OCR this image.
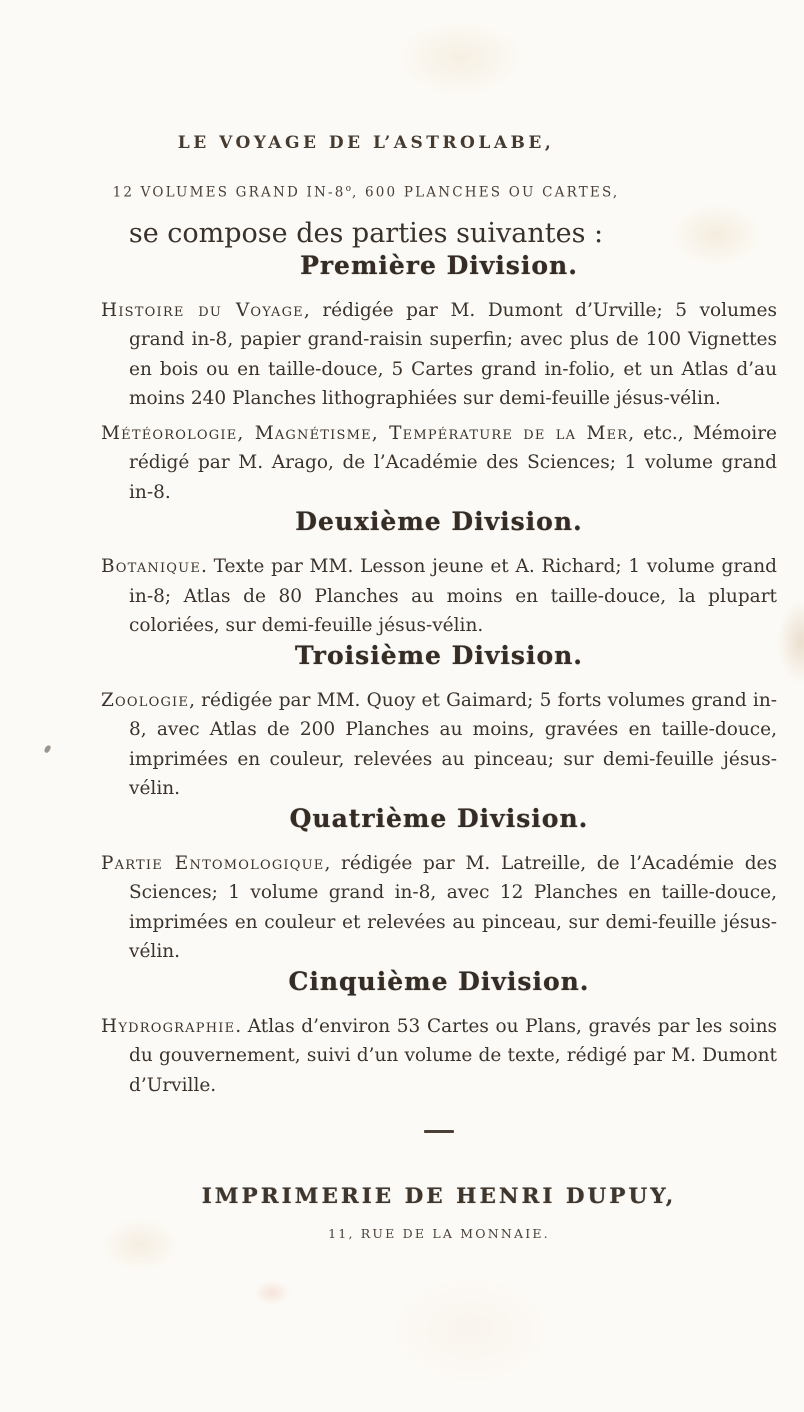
LE VOYAGE DE L’ASTROLABE,
12 VOLUMES GRAND IN-8$^o$, 600 PLANCHES OU CARTES,
se compose des parties suivantes :
Première Division.

Histoire du Voyage, rédigée par M. Dumont d’Urville; 5 volumes grand in-8, papier grand-raisin superfin; avec plus de 100 Vignettes en bois ou en taille-douce, 5 Cartes grand in-folio, et un Atlas d’au moins 240 Planches lithographiées sur demi-feuille jésus-vélin.

Météorologie, Magnétisme, Température de la Mer, etc., Mémoire rédigé par M. Arago, de l’Académie des Sciences; 1 volume grand in-8.

Deuxième Division.

Botanique. Texte par MM. Lesson jeune et A. Richard; 1 volume grand in-8; Atlas de 80 Planches au moins en taille-douce, la plupart coloriées, sur demi-feuille jésus-vélin.

Troisième Division.

Zoologie, rédigée par MM. Quoy et Gaimard; 5 forts volumes grand in-8, avec Atlas de 200 Planches au moins, gravées en taille-douce, imprimées en couleur, relevées au pinceau; sur demi-feuille jésus-vélin.

Quatrième Division.

Partie Entomologique, rédigée par M. Latreille, de l’Académie des Sciences; 1 volume grand in-8, avec 12 Planches en taille-douce, imprimées en couleur et relevées au pinceau, sur demi-feuille jésus-vélin.

Cinquième Division.

Hydrographie. Atlas d’environ 53 Cartes ou Plans, gravés par les soins du gouvernement, suivi d’un volume de texte, rédigé par M. Dumont d’Urville.

IMPRIMERIE DE HENRI DUPUY,
11, RUE DE LA MONNAIE.
